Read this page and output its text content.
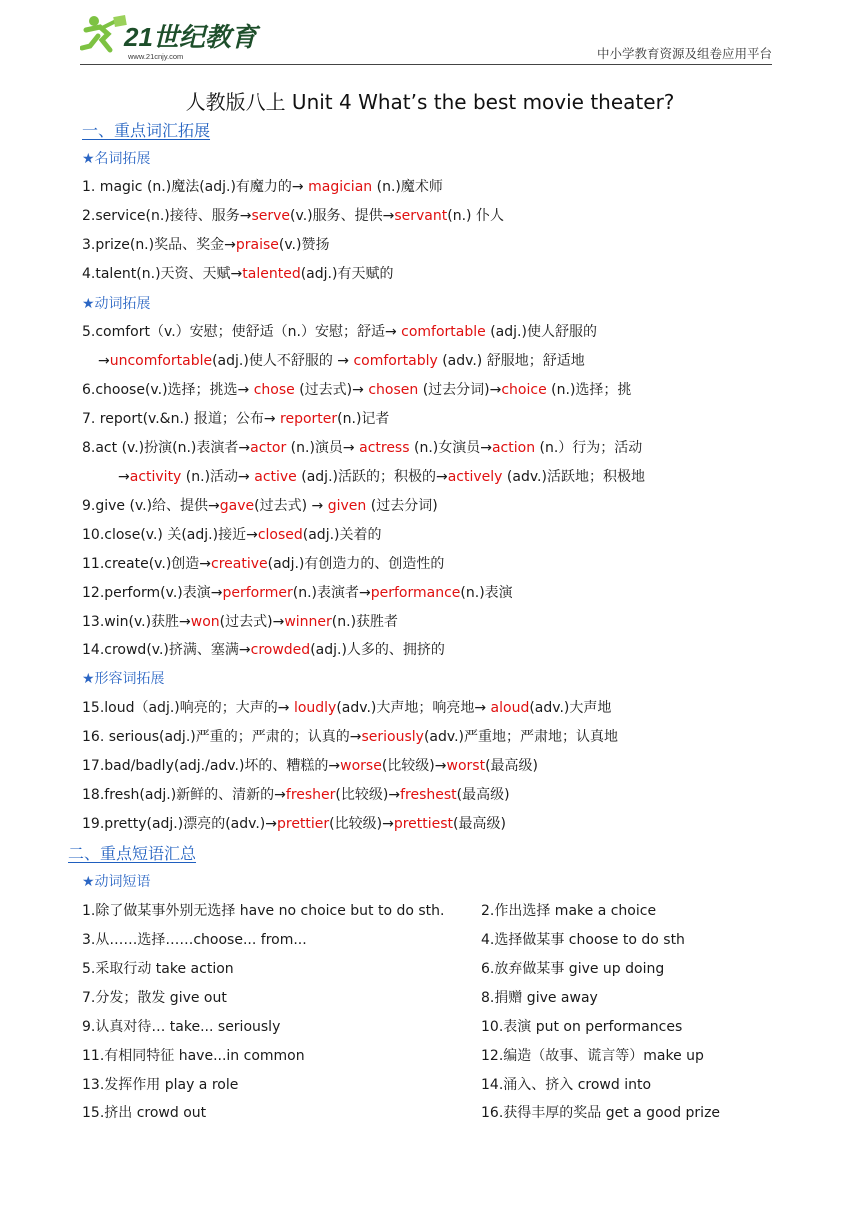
21世纪教育
www.21cnjy.com	中小学教育资源及组卷应用平台
人教版八上 Unit 4 What’s the best movie theater?
一、重点词汇拓展
★名词拓展
1. magic (n.)魔法(adj.)有魔力的→ magician (n.)魔术师
2.service(n.)接待、服务→serve(v.)服务、提供→servant(n.) 仆人
3.prize(n.)奖品、奖金→praise(v.)赞扬
4.talent(n.)天资、天赋→talented(adj.)有天赋的
5.comfort（v.）安慰；使舒适（n.）安慰；舒适→ comfortable (adj.)使人舒服的
→uncomfortable(adj.)使人不舒服的 → comfortably (adv.) 舒服地；舒适地
6.choose(v.)选择；挑选→ chose (过去式)→ chosen (过去分词)→choice (n.)选择；挑
7. report(v.&n.) 报道；公布→ reporter(n.)记者
8.act (v.)扮演(n.)表演者→actor (n.)演员→ actress (n.)女演员→action (n.）行为；活动
→activity (n.)活动→ active (adj.)活跃的；积极的→actively (adv.)活跃地；积极地
9.give (v.)给、提供→gave(过去式) → given (过去分词)
10.close(v.) 关(adj.)接近→closed(adj.)关着的
11.create(v.)创造→creative(adj.)有创造力的、创造性的
12.perform(v.)表演→performer(n.)表演者→performance(n.)表演
13.win(v.)获胜→won(过去式)→winner(n.)获胜者
14.crowd(v.)挤满、塞满→crowded(adj.)人多的、拥挤的
15.loud（adj.)响亮的；大声的→ loudly(adv.)大声地；响亮地→ aloud(adv.)大声地
16. serious(adj.)严重的；严肃的；认真的→seriously(adv.)严重地；严肃地；认真地
17.bad/badly(adj./adv.)坏的、糟糕的→worse(比较级)→worst(最高级)
18.fresh(adj.)新鲜的、清新的→fresher(比较级)→freshest(最高级)
19.pretty(adj.)漂亮的(adv.)→prettier(比较级)→prettiest(最高级)
★动词拓展
★形容词拓展
二、重点短语汇总
★动词短语
1.除了做某事外别无选择 have no choice but to do sth.	2.作出选择 make a choice
3.从……选择……choose... from...	4.选择做某事 choose to do sth
5.采取行动 take action	6.放弃做某事 give up doing
7.分发；散发 give out	8.捐赠 give away
9.认真对待… take... seriously	10.表演 put on performances
11.有相同特征 have...in common	12.编造（故事、谎言等）make up
13.发挥作用 play a role	14.涌入、挤入 crowd into
15.挤出 crowd out	16.获得丰厚的奖品 get a good prize
